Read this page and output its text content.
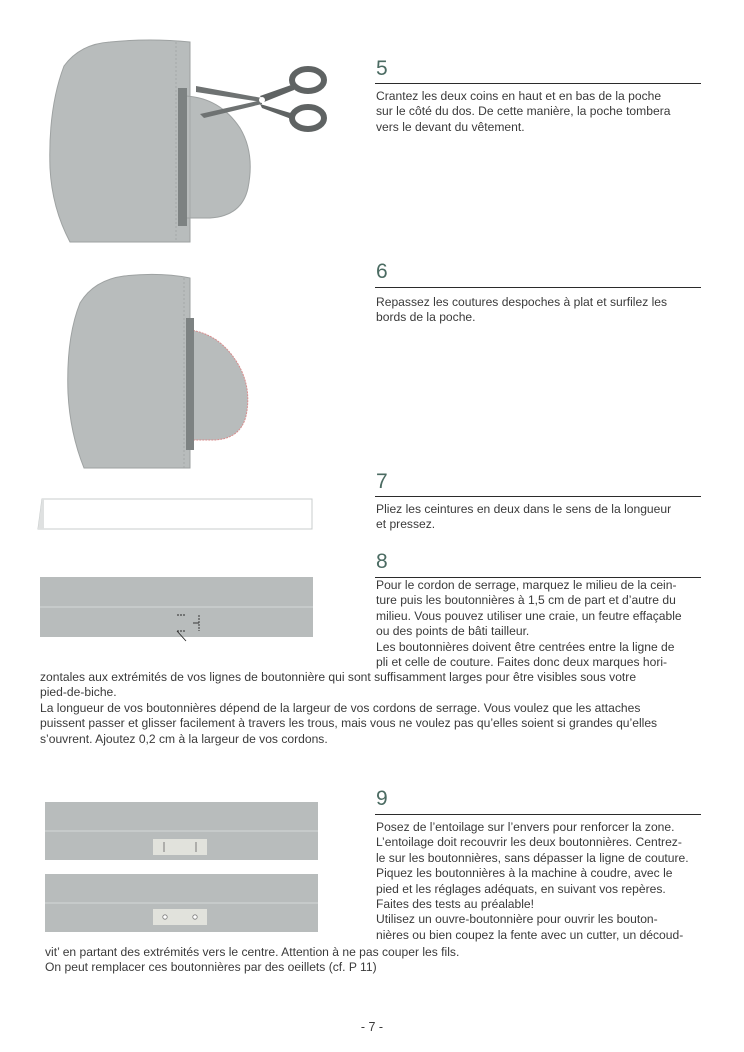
5

Crantez les deux coins en haut et en bas de la poche
sur le côté du dos. De cette manière, la poche tombera
vers le devant du vêtement.

6

Repassez les coutures despoches à plat et surfilez les
bords de la poche.

7

Pliez les ceintures en deux dans le sens de la longueur
et pressez.

8

Pour le cordon de serrage, marquez le milieu de la cein-
ture puis les boutonnières à 1,5 cm de part et d’autre du
milieu. Vous pouvez utiliser une craie, un feutre effaçable
ou des points de bâti tailleur.
Les boutonnières doivent être centrées entre la ligne de
pli et celle de couture. Faites donc deux marques hori-

zontales aux extrémités de vos lignes de boutonnière qui sont suffisamment larges pour être visibles sous votre
pied-de-biche.
La longueur de vos boutonnières dépend de la largeur de vos cordons de serrage. Vous voulez que les attaches
puissent passer et glisser facilement à travers les trous, mais vous ne voulez pas qu’elles soient si grandes qu’elles
s’ouvrent. Ajoutez 0,2 cm à la largeur de vos cordons.

9

Posez de l’entoilage sur l’envers pour renforcer la zone.
L’entoilage doit recouvrir les deux boutonnières. Centrez-
le sur les boutonnières, sans dépasser la ligne de couture.
Piquez les boutonnières à la machine à coudre, avec le
pied et les réglages adéquats, en suivant vos repères.
Faites des tests au préalable!
Utilisez un ouvre-boutonnière pour ouvrir les bouton-
nières ou bien coupez la fente avec un cutter, un découd-

vit’ en partant des extrémités vers le centre. Attention à ne pas couper les fils.
On peut remplacer ces boutonnières par des oeillets (cf. P 11)

- 7 -
